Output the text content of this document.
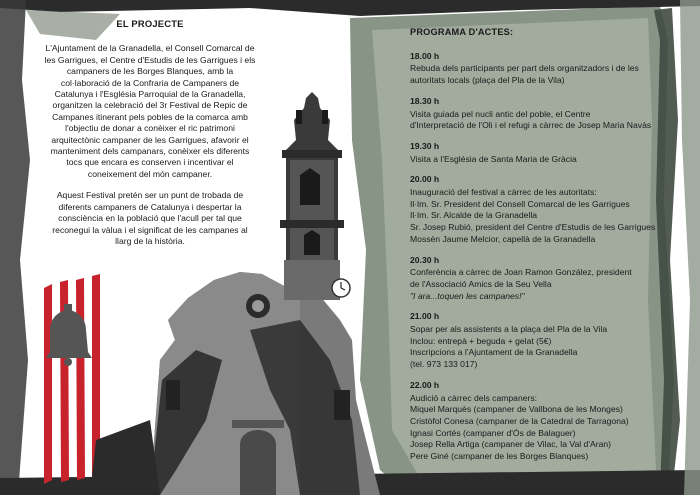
EL PROJECTE
L'Ajuntament de la Granadella, el Consell Comarcal de
les Garrigues, el Centre d'Estudis de les Garrigues i els
campaners de les Borges Blanques, amb la
col·laboració de la Confraria de Campaners de
Catalunya i l'Església Parroquial de la Granadella,
organitzen la celebració del 3r Festival de Repic de
Campanes itinerant pels pobles de la comarca amb
l'objectiu de donar a conèixer el ric patrimoni
arquitectònic campaner de les Garrigues, afavorir el
manteniment dels campanars, conèixer els diferents
tocs que encara es conserven i incentivar el
coneixement del món campaner.
Aquest Festival pretén ser un punt de trobada de
diferents campaners de Catalunya i despertar la
consciència en la població que l'acull per tal que
reconegui la vàlua i el significat de les campanes al
llarg de la història.
PROGRAMA D'ACTES:
18.00 h
Rebuda dels participants per part dels organitzadors i de les
autoritats locals (plaça del Pla de la Vila)
18.30 h
Visita guiada pel nucli antic del poble, el Centre
d'Interpretació de l'Oli i el refugi a càrrec de Josep Maria Navàs
19.30 h
Visita a l'Església de Santa Maria de Gràcia
20.00 h
Inauguració del festival a càrrec de les autoritats:
Il·lm. Sr. President del Consell Comarcal de les Garrigues
Il·lm. Sr. Alcalde de la Granadella
Sr. Josep Rubió, president del Centre d'Estudis de les Garrigues
Mossèn Jaume Melcior, capellà de la Granadella
20.30 h
Conferència a càrrec de Joan Ramon González, president
de l'Associació Amics de la Seu Vella
"I ara...toquen les campanes!"
21.00 h
Sopar per als assistents a la plaça del Pla de la Vila
Inclou: entrepà + beguda + gelat (5€)
Inscripcions a l'Ajuntament de la Granadella
(tel. 973 133 017)
22.00 h
Audició a càrrec dels campaners:
Miquel Marquès (campaner de Vallbona de les Monges)
Cristòfol Conesa (campaner de la Catedral de Tarragona)
Ignasi Cortés (campaner d'Ós de Balaguer)
Josep Rella Artiga (campaner de Vilac, la Val d'Aran)
Pere Giné (campaner de les Borges Blanques)
